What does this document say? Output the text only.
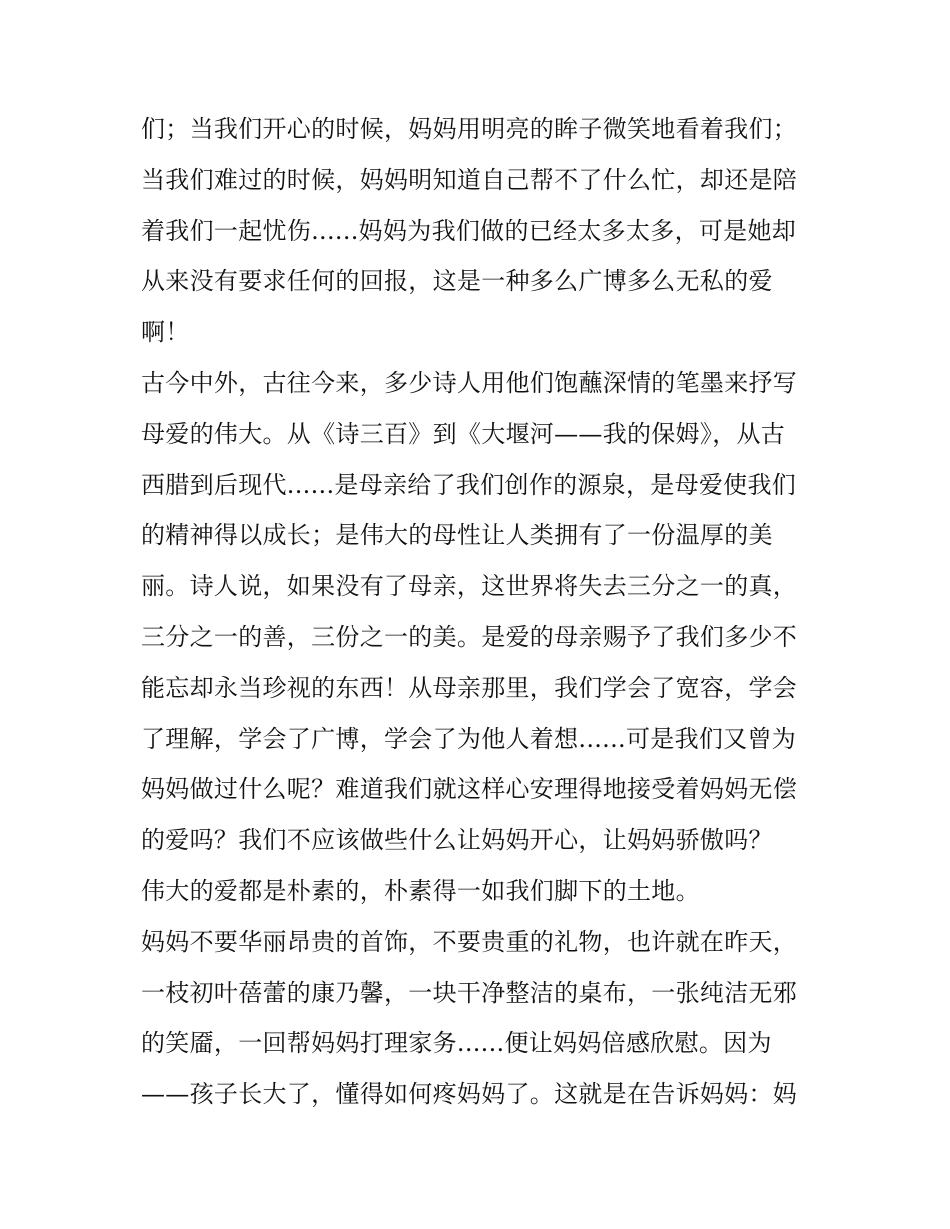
们；当我们开心的时候，妈妈用明亮的眸子微笑地看着我们；
当我们难过的时候，妈妈明知道自己帮不了什么忙，却还是陪
着我们一起忧伤......妈妈为我们做的已经太多太多，可是她却
从来没有要求任何的回报，这是一种多么广博多么无私的爱
啊！
古今中外，古往今来，多少诗人用他们饱蘸深情的笔墨来抒写
母爱的伟大。从《诗三百》到《大堰河——我的保姆》，从古
西腊到后现代......是母亲给了我们创作的源泉，是母爱使我们
的精神得以成长；是伟大的母性让人类拥有了一份温厚的美
丽。诗人说，如果没有了母亲，这世界将失去三分之一的真，
三分之一的善，三份之一的美。是爱的母亲赐予了我们多少不
能忘却永当珍视的东西！从母亲那里，我们学会了宽容，学会
了理解，学会了广博，学会了为他人着想......可是我们又曾为
妈妈做过什么呢？难道我们就这样心安理得地接受着妈妈无偿
的爱吗？我们不应该做些什么让妈妈开心，让妈妈骄傲吗？
伟大的爱都是朴素的，朴素得一如我们脚下的土地。
妈妈不要华丽昂贵的首饰，不要贵重的礼物，也许就在昨天，
一枝初叶蓓蕾的康乃馨，一块干净整洁的桌布，一张纯洁无邪
的笑靥，一回帮妈妈打理家务......便让妈妈倍感欣慰。因为
——孩子长大了，懂得如何疼妈妈了。这就是在告诉妈妈：妈
